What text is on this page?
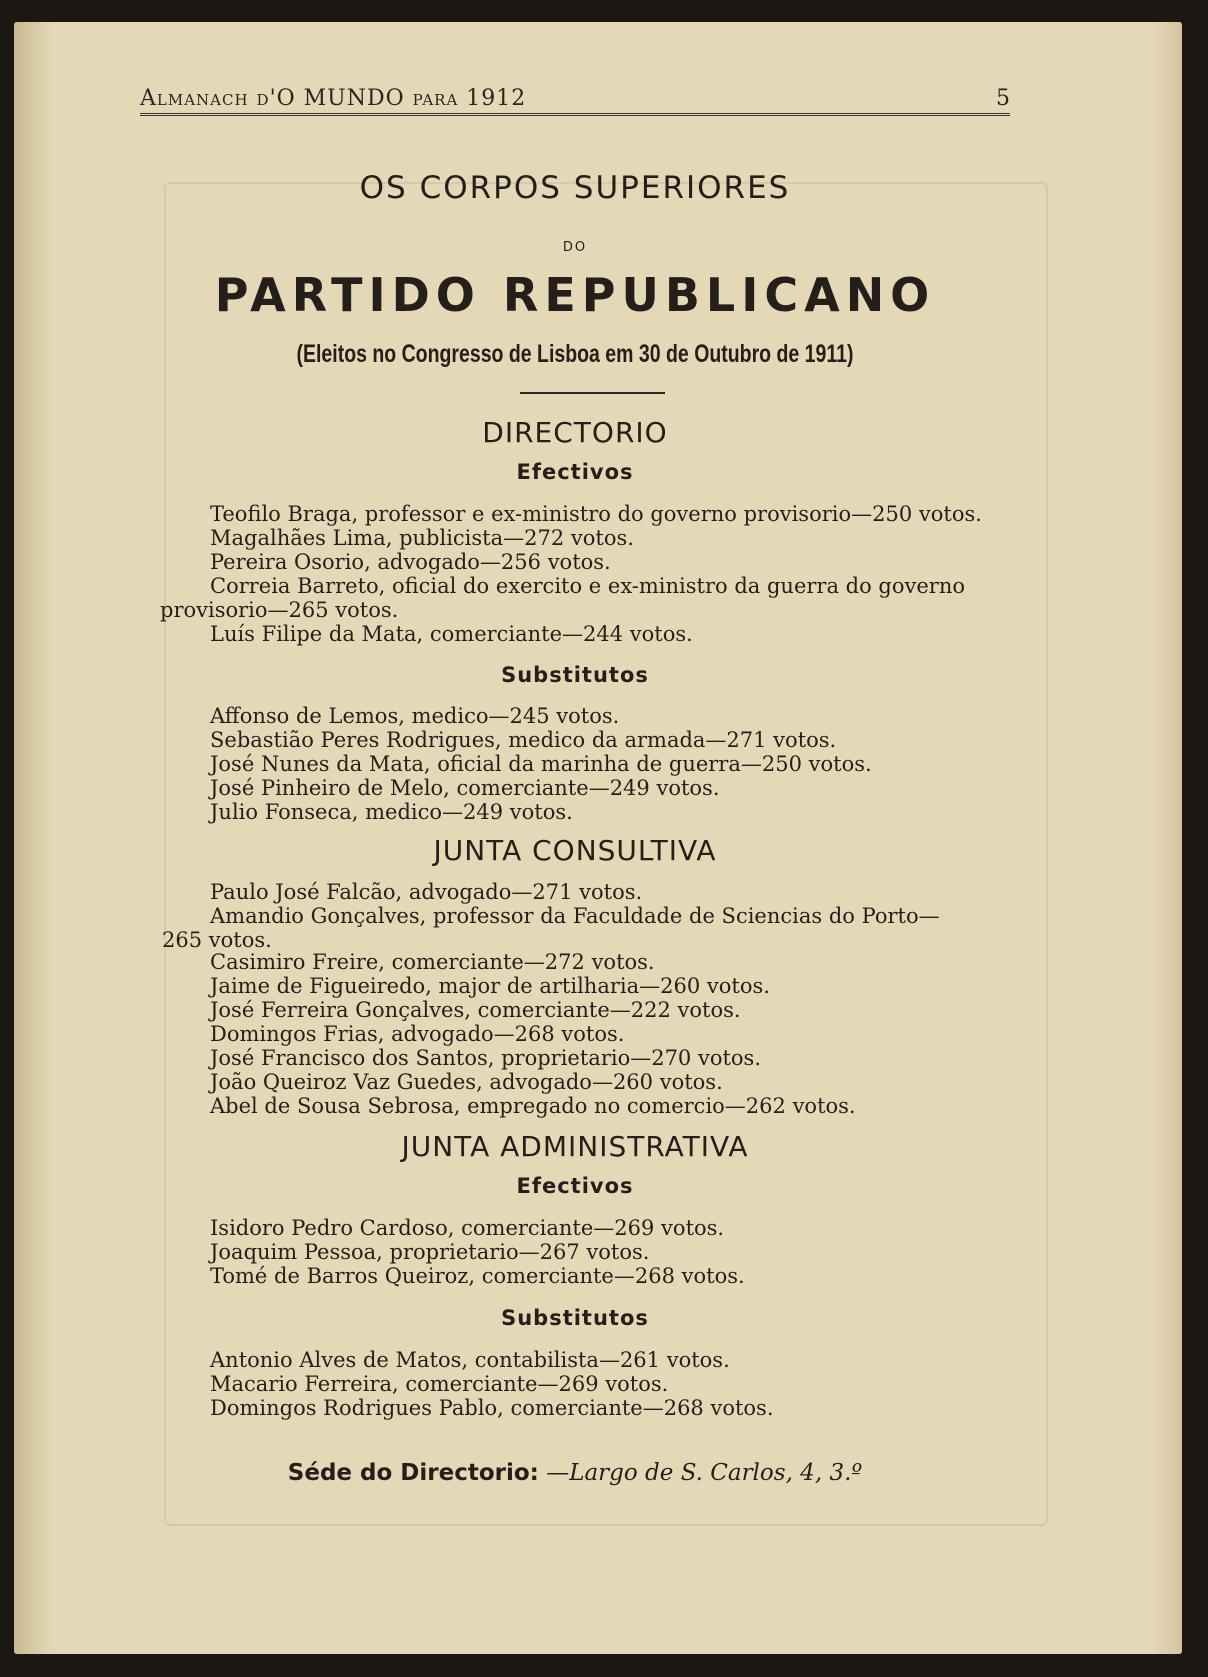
Almanach d'O MUNDO para 1912	5
OS CORPOS SUPERIORES
DO
PARTIDO REPUBLICANO
(Eleitos no Congresso de Lisboa em 30 de Outubro de 1911)
DIRECTORIO
Efectivos
Teofilo Braga, professor e ex-ministro do governo provisorio—250 votos.
Magalhães Lima, publicista—272 votos.
Pereira Osorio, advogado—256 votos.
Correia Barreto, oficial do exercito e ex-ministro da guerra do governo
provisorio—265 votos.
Luís Filipe da Mata, comerciante—244 votos.
Substitutos
Affonso de Lemos, medico—245 votos.
Sebastião Peres Rodrigues, medico da armada—271 votos.
José Nunes da Mata, oficial da marinha de guerra—250 votos.
José Pinheiro de Melo, comerciante—249 votos.
Julio Fonseca, medico—249 votos.
JUNTA CONSULTIVA
Paulo José Falcão, advogado—271 votos.
Amandio Gonçalves, professor da Faculdade de Sciencias do Porto—
265 votos.
Casimiro Freire, comerciante—272 votos.
Jaime de Figueiredo, major de artilharia—260 votos.
José Ferreira Gonçalves, comerciante—222 votos.
Domingos Frias, advogado—268 votos.
José Francisco dos Santos, proprietario—270 votos.
João Queiroz Vaz Guedes, advogado—260 votos.
Abel de Sousa Sebrosa, empregado no comercio—262 votos.
JUNTA ADMINISTRATIVA
Efectivos
Isidoro Pedro Cardoso, comerciante—269 votos.
Joaquim Pessoa, proprietario—267 votos.
Tomé de Barros Queiroz, comerciante—268 votos.
Substitutos
Antonio Alves de Matos, contabilista—261 votos.
Macario Ferreira, comerciante—269 votos.
Domingos Rodrigues Pablo, comerciante—268 votos.
Séde do Directorio: —Largo de S. Carlos, 4, 3.º
